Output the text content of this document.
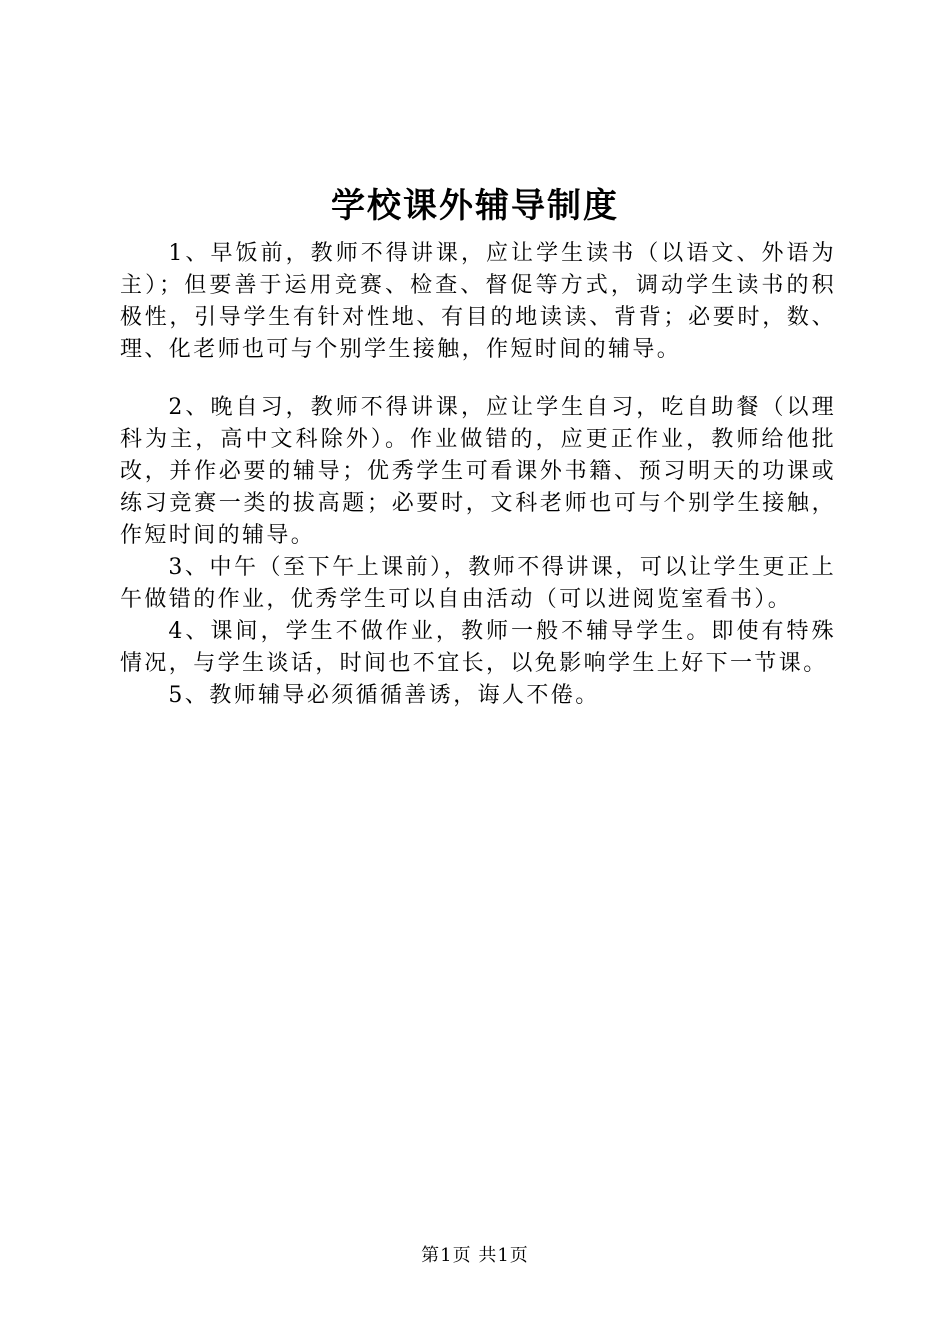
学校课外辅导制度

1、早饭前，教师不得讲课，应让学生读书（以语文、外语为主）；但要善于运用竞赛、检查、督促等方式，调动学生读书的积极性，引导学生有针对性地、有目的地读读、背背；必要时，数、理、化老师也可与个别学生接触，作短时间的辅导。

2、晚自习，教师不得讲课，应让学生自习，吃自助餐（以理科为主，高中文科除外）。作业做错的，应更正作业，教师给他批改，并作必要的辅导；优秀学生可看课外书籍、预习明天的功课或练习竞赛一类的拔高题；必要时，文科老师也可与个别学生接触，作短时间的辅导。

3、中午（至下午上课前），教师不得讲课，可以让学生更正上午做错的作业，优秀学生可以自由活动（可以进阅览室看书）。

4、课间，学生不做作业，教师一般不辅导学生。即使有特殊情况，与学生谈话，时间也不宜长，以免影响学生上好下一节课。

5、教师辅导必须循循善诱，诲人不倦。

第1页 共1页
